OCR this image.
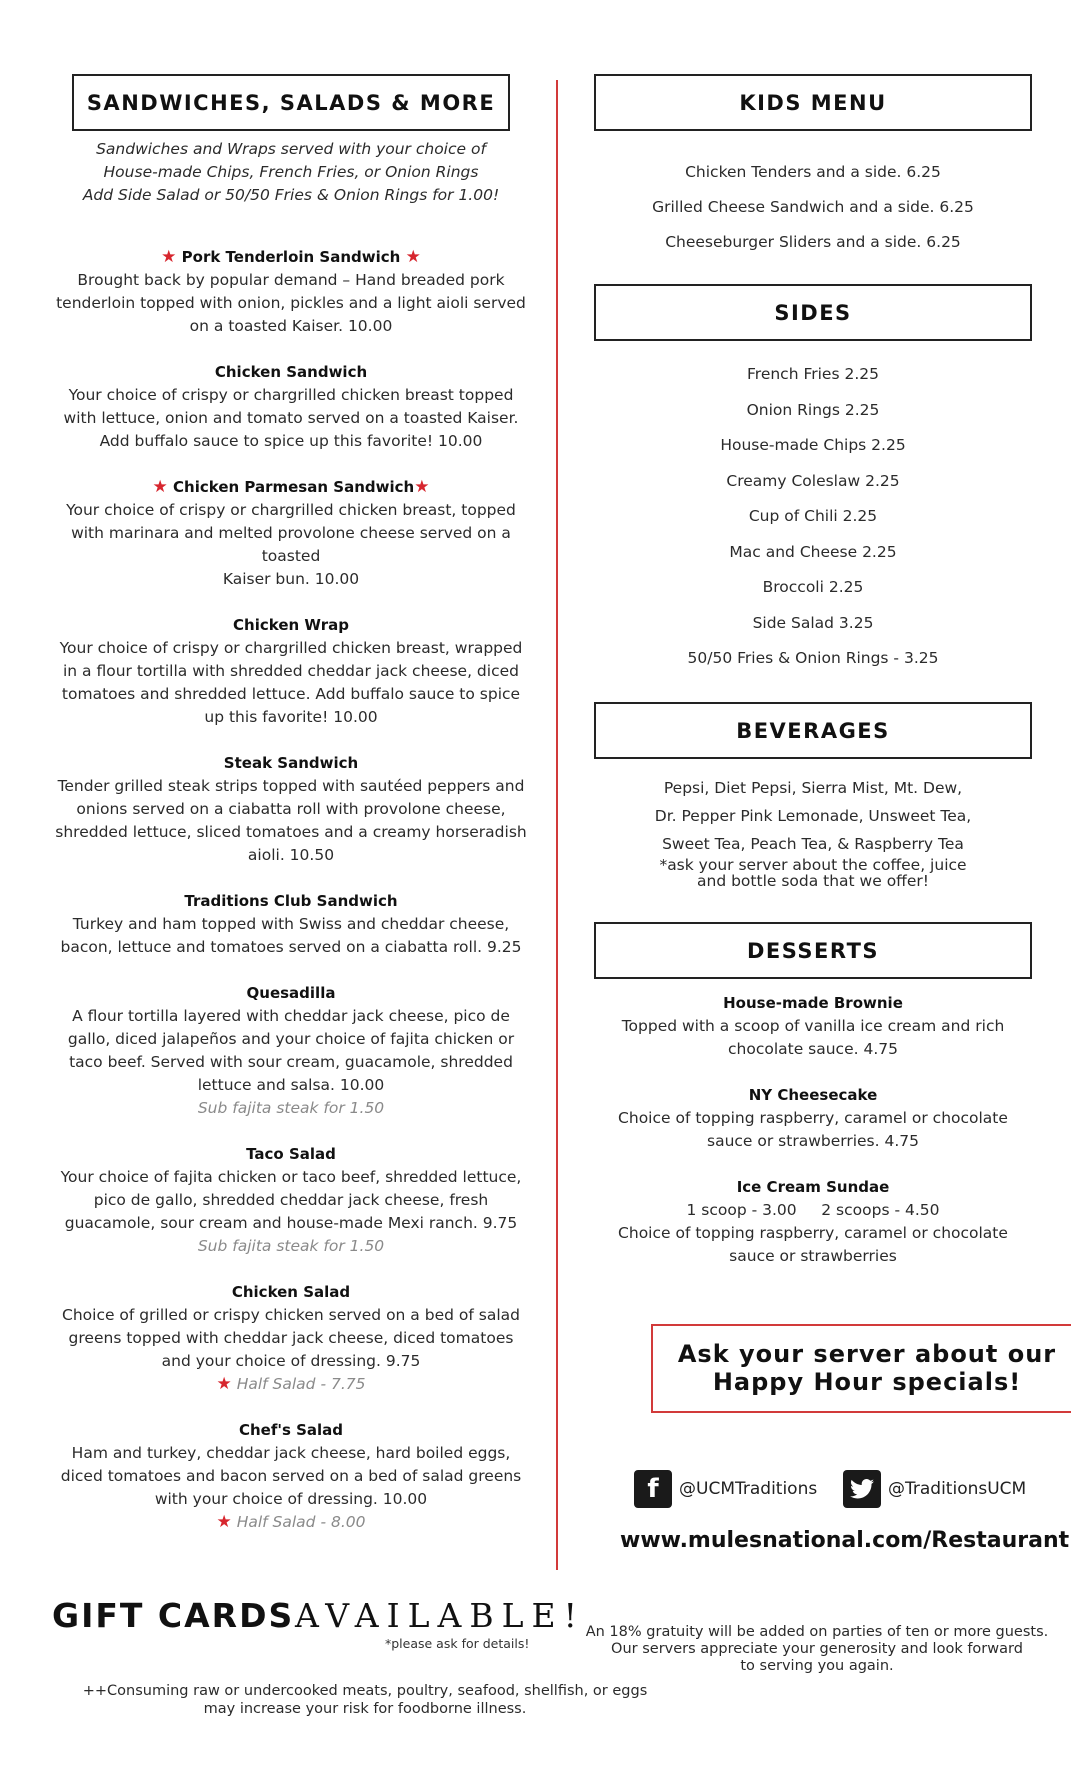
SANDWICHES, SALADS & MORE
Sandwiches and Wraps served with your choice of
House-made Chips, French Fries, or Onion Rings
Add Side Salad or 50/50 Fries & Onion Rings for 1.00!
★ Pork Tenderloin Sandwich ★
Brought back by popular demand – Hand breaded pork tenderloin topped with onion, pickles and a light aioli served on a toasted Kaiser. 10.00
Chicken Sandwich
Your choice of crispy or chargrilled chicken breast topped with lettuce, onion and tomato served on a toasted Kaiser. Add buffalo sauce to spice up this favorite! 10.00
★ Chicken Parmesan Sandwich★
Your choice of crispy or chargrilled chicken breast, topped with marinara and melted provolone cheese served on a toasted
Kaiser bun. 10.00
Chicken Wrap
Your choice of crispy or chargrilled chicken breast, wrapped in a flour tortilla with shredded cheddar jack cheese, diced tomatoes and shredded lettuce. Add buffalo sauce to spice up this favorite! 10.00
Steak Sandwich
Tender grilled steak strips topped with sautéed peppers and onions served on a ciabatta roll with provolone cheese, shredded lettuce, sliced tomatoes and a creamy horseradish aioli. 10.50
Traditions Club Sandwich
Turkey and ham topped with Swiss and cheddar cheese, bacon, lettuce and tomatoes served on a ciabatta roll. 9.25
Quesadilla
A flour tortilla layered with cheddar jack cheese, pico de gallo, diced jalapeños and your choice of fajita chicken or taco beef. Served with sour cream, guacamole, shredded lettuce and salsa. 10.00
Sub fajita steak for 1.50
Taco Salad
Your choice of fajita chicken or taco beef, shredded lettuce, pico de gallo, shredded cheddar jack cheese, fresh guacamole, sour cream and house-made Mexi ranch. 9.75
Sub fajita steak for 1.50
Chicken Salad
Choice of grilled or crispy chicken served on a bed of salad greens topped with cheddar jack cheese, diced tomatoes and your choice of dressing. 9.75
★ Half Salad - 7.75
Chef's Salad
Ham and turkey, cheddar jack cheese, hard boiled eggs, diced tomatoes and bacon served on a bed of salad greens with your choice of dressing. 10.00
★ Half Salad - 8.00
KIDS MENU

Chicken Tenders and a side. 6.25

Grilled Cheese Sandwich and a side. 6.25

Cheeseburger Sliders and a side. 6.25

SIDES

French Fries 2.25

Onion Rings 2.25

House-made Chips 2.25

Creamy Coleslaw 2.25

Cup of Chili 2.25

Mac and Cheese 2.25

Broccoli 2.25

Side Salad 3.25

50/50 Fries & Onion Rings - 3.25

BEVERAGES
Pepsi, Diet Pepsi, Sierra Mist, Mt. Dew,
Dr. Pepper Pink Lemonade, Unsweet Tea,
Sweet Tea, Peach Tea, & Raspberry Tea
*ask your server about the coffee, juice
and bottle soda that we offer!
DESSERTS
House-made Brownie
Topped with a scoop of vanilla ice cream and rich chocolate sauce. 4.75
NY Cheesecake
Choice of topping raspberry, caramel or chocolate sauce or strawberries. 4.75
Ice Cream Sundae
1 scoop - 3.00     2 scoops - 4.50
Choice of topping raspberry, caramel or chocolate sauce or strawberries
Ask your server about our
Happy Hour specials!
f	@UCMTraditions	@TraditionsUCM
www.mulesnational.com/Restaurant
GIFT CARDS AVAILABLE!
*please ask for details!
An 18% gratuity will be added on parties of ten or more guests.
Our servers appreciate your generosity and look forward
to serving you again.
++Consuming raw or undercooked meats, poultry, seafood, shellfish, or eggs
may increase your risk for foodborne illness.
